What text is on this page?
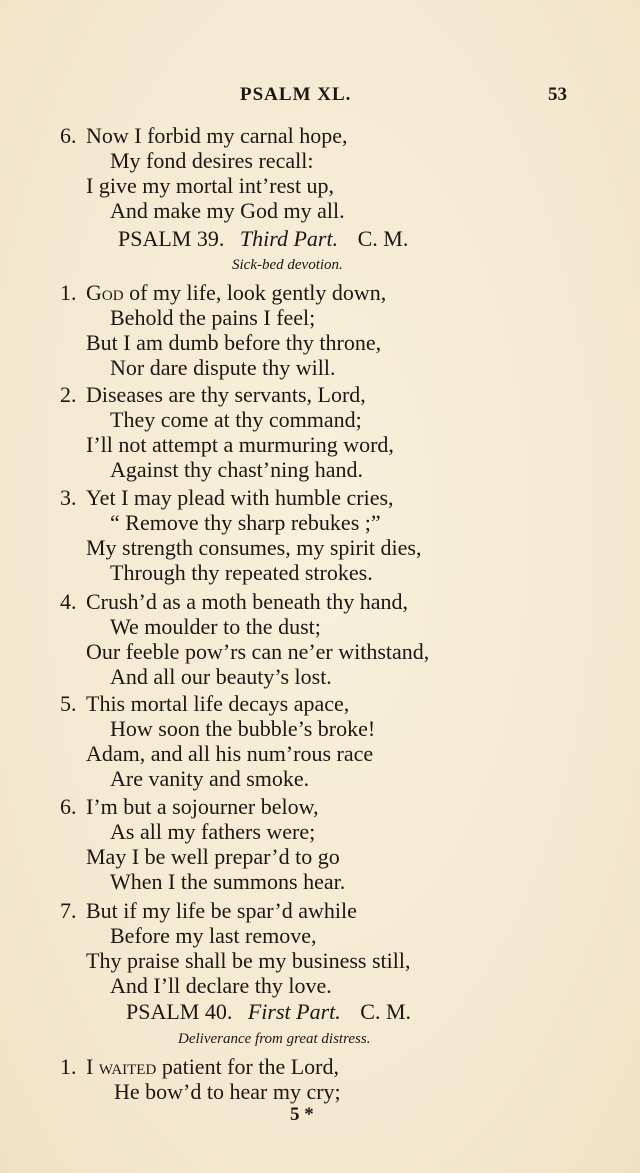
PSALM XL.	53
6. Now I forbid my carnal hope,
My fond desires recall:
I give my mortal int’rest up,
And make my God my all.
PSALM 39. Third Part. C. M.
Sick-bed devotion.
1. God of my life, look gently down,
Behold the pains I feel;
But I am dumb before thy throne,
Nor dare dispute thy will.
2. Diseases are thy servants, Lord,
They come at thy command;
I’ll not attempt a murmuring word,
Against thy chast’ning hand.
3. Yet I may plead with humble cries,
“ Remove thy sharp rebukes ;”
My strength consumes, my spirit dies,
Through thy repeated strokes.
4. Crush’d as a moth beneath thy hand,
We moulder to the dust;
Our feeble pow’rs can ne’er withstand,
And all our beauty’s lost.
5. This mortal life decays apace,
How soon the bubble’s broke!
Adam, and all his num’rous race
Are vanity and smoke.
6. I’m but a sojourner below,
As all my fathers were;
May I be well prepar’d to go
When I the summons hear.
7. But if my life be spar’d awhile
Before my last remove,
Thy praise shall be my business still,
And I’ll declare thy love.
PSALM 40. First Part. C. M.
Deliverance from great distress.
1. I waited patient for the Lord,
He bow’d to hear my cry;
5 *
